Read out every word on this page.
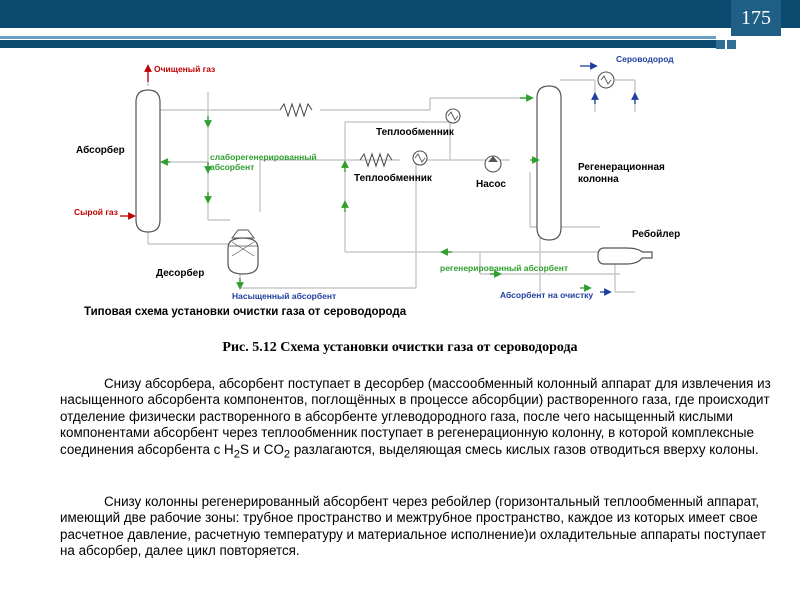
175
Очищеный газ
Абсорбер
слаборегенерированный
абсорбент
Сырой газ
Десорбер
Насыщенный абсорбент
Теплообменник
Теплообменник
Насос
Сероводород
Регенерационная
колонна
Ребойлер
регенерированный абсорбент
Абсорбент на очистку
Типовая схема установки очистки газа от сероводорода
Рис. 5.12 Схема установки очистки газа от сероводорода
Снизу абсорбера, абсорбент поступает в десорбер (массообменный колонный аппарат для извлечения из насыщенного абсорбента компонентов, поглощённых в процессе абсорбции) растворенного газа, где происходит отделение физически растворенного в абсорбенте углеводородного газа, после чего насыщенный кислыми компонентами абсорбент через теплообменник поступает в регенерационную колонну, в которой комплексные соединения абсорбента с $H_2S$ и $CO_2$ разлагаются, выделяющая смесь кислых газов отводиться вверху колоны.
Снизу колонны регенерированный абсорбент через ребойлер (горизонтальный теплообменный аппарат, имеющий две рабочие зоны: трубное пространство и межтрубное пространство, каждое из которых имеет свое расчетное давление, расчетную температуру и материальное исполнение)и охладительные аппараты поступает на абсорбер, далее цикл повторяется.
